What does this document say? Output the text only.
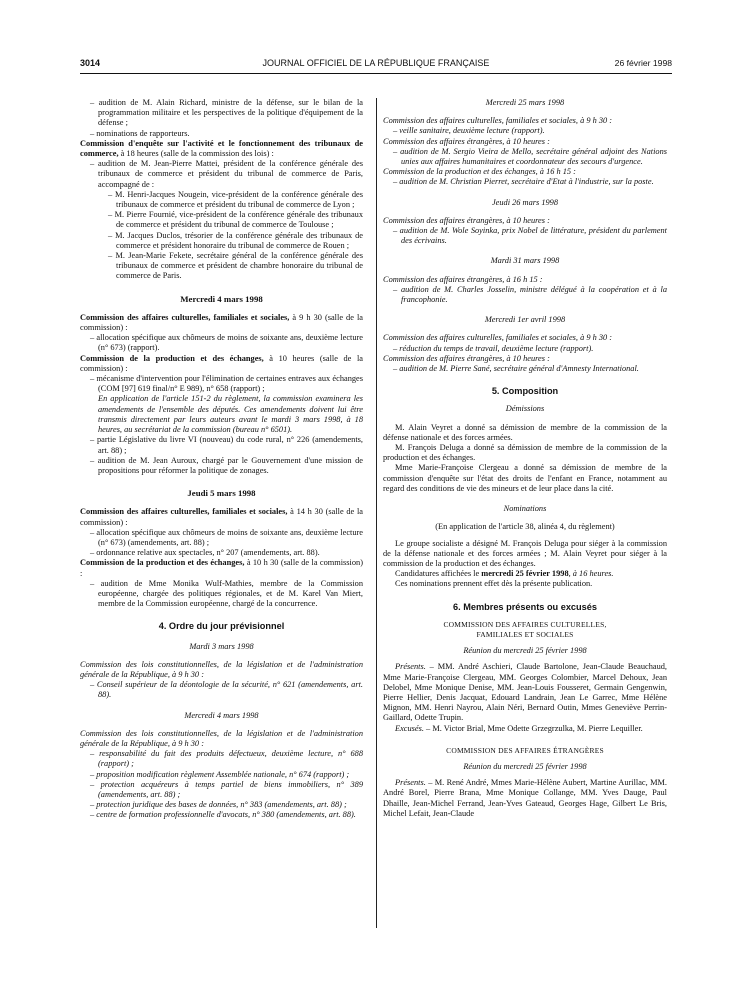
3014	JOURNAL OFFICIEL DE LA RÉPUBLIQUE FRANÇAISE	26 février 1998

– audition de M. Alain Richard, ministre de la défense, sur le bilan de la programmation militaire et les perspectives de la politique d'équipement de la défense ;

– nominations de rapporteurs.

Commission d'enquête sur l'activité et le fonctionnement des tribunaux de commerce, à 18 heures (salle de la commission des lois) :

– audition de M. Jean-Pierre Mattei, président de la conférence générale des tribunaux de commerce et président du tribunal de commerce de Paris, accompagné de :

– M. Henri-Jacques Nougein, vice-président de la conférence générale des tribunaux de commerce et président du tribunal de commerce de Lyon ;

– M. Pierre Fournié, vice-président de la conférence générale des tribunaux de commerce et président du tribunal de commerce de Toulouse ;

– M. Jacques Duclos, trésorier de la conférence générale des tribunaux de commerce et président honoraire du tribunal de commerce de Rouen ;

– M. Jean-Marie Fekete, secrétaire général de la conférence générale des tribunaux de commerce et président de chambre honoraire du tribunal de commerce de Paris.

Mercredi 4 mars 1998

Commission des affaires culturelles, familiales et sociales, à 9 h 30 (salle de la commission) :

– allocation spécifique aux chômeurs de moins de soixante ans, deuxième lecture (n° 673) (rapport).

Commission de la production et des échanges, à 10 heures (salle de la commission) :

– mécanisme d'intervention pour l'élimination de certaines entraves aux échanges (COM [97] 619 final/n° E 989), n° 658 (rapport) ;

En application de l'article 151-2 du règlement, la commission examinera les amendements de l'ensemble des députés. Ces amendements doivent lui être transmis directement par leurs auteurs avant le mardi 3 mars 1998, à 18 heures, au secrétariat de la commission (bureau n° 6501).

– partie Législative du livre VI (nouveau) du code rural, n° 226 (amendements, art. 88) ;

– audition de M. Jean Auroux, chargé par le Gouvernement d'une mission de propositions pour réformer la politique de zonages.

Jeudi 5 mars 1998

Commission des affaires culturelles, familiales et sociales, à 14 h 30 (salle de la commission) :

– allocation spécifique aux chômeurs de moins de soixante ans, deuxième lecture (n° 673) (amendements, art. 88) ;

– ordonnance relative aux spectacles, n° 207 (amendements, art. 88).

Commission de la production et des échanges, à 10 h 30 (salle de la commission) :

– audition de Mme Monika Wulf-Mathies, membre de la Commission européenne, chargée des politiques régionales, et de M. Karel Van Miert, membre de la Commission européenne, chargé de la concurrence.

4. Ordre du jour prévisionnel
Mardi 3 mars 1998

Commission des lois constitutionnelles, de la législation et de l'administration générale de la République, à 9 h 30 :

– Conseil supérieur de la déontologie de la sécurité, n° 621 (amendements, art. 88).

Mercredi 4 mars 1998

Commission des lois constitutionnelles, de la législation et de l'administration générale de la République, à 9 h 30 :

– responsabilité du fait des produits défectueux, deuxième lecture, n° 688 (rapport) ;

– proposition modification règlement Assemblée nationale, n° 674 (rapport) ;

– protection acquéreurs à temps partiel de biens immobiliers, n° 389 (amendements, art. 88) ;

– protection juridique des bases de données, n° 383 (amendements, art. 88) ;

– centre de formation professionnelle d'avocats, n° 380 (amendements, art. 88).

Mercredi 25 mars 1998

Commission des affaires culturelles, familiales et sociales, à 9 h 30 :

– veille sanitaire, deuxième lecture (rapport).

Commission des affaires étrangères, à 10 heures :

– audition de M. Sergio Vieira de Mello, secrétaire général adjoint des Nations unies aux affaires humanitaires et coordonnateur des secours d'urgence.

Commission de la production et des échanges, à 16 h 15 :

– audition de M. Christian Pierret, secrétaire d'Etat à l'industrie, sur la poste.

Jeudi 26 mars 1998

Commission des affaires étrangères, à 10 heures :

– audition de M. Wole Soyinka, prix Nobel de littérature, président du parlement des écrivains.

Mardi 31 mars 1998

Commission des affaires étrangères, à 16 h 15 :

– audition de M. Charles Josselin, ministre délégué à la coopération et à la francophonie.

Mercredi 1er avril 1998

Commission des affaires culturelles, familiales et sociales, à 9 h 30 :

– réduction du temps de travail, deuxième lecture (rapport).

Commission des affaires étrangères, à 10 heures :

– audition de M. Pierre Sané, secrétaire général d'Amnesty International.

5. Composition
Démissions

M. Alain Veyret a donné sa démission de membre de la commission de la défense nationale et des forces armées.

M. François Deluga a donné sa démission de membre de la commission de la production et des échanges.

Mme Marie-Françoise Clergeau a donné sa démission de membre de la commission d'enquête sur l'état des droits de l'enfant en France, notamment au regard des conditions de vie des mineurs et de leur place dans la cité.

Nominations

(En application de l'article 38, alinéa 4, du règlement)

Le groupe socialiste a désigné M. François Deluga pour siéger à la commission de la défense nationale et des forces armées ; M. Alain Veyret pour siéger à la commission de la production et des échanges.

Candidatures affichées le mercredi 25 février 1998, à 16 heures.

Ces nominations prennent effet dès la présente publication.

6. Membres présents ou excusés
COMMISSION DES AFFAIRES CULTURELLES,
FAMILIALES ET SOCIALES
Réunion du mercredi 25 février 1998

Présents. – MM. André Aschieri, Claude Bartolone, Jean-Claude Beauchaud, Mme Marie-Françoise Clergeau, MM. Georges Colombier, Marcel Dehoux, Jean Delobel, Mme Monique Denise, MM. Jean-Louis Fousseret, Germain Gengenwin, Pierre Hellier, Denis Jacquat, Edouard Landrain, Jean Le Garrec, Mme Hélène Mignon, MM. Henri Nayrou, Alain Néri, Bernard Outin, Mmes Geneviève Perrin-Gaillard, Odette Trupin.

Excusés. – M. Victor Brial, Mme Odette Grzegrzulka, M. Pierre Lequiller.

COMMISSION DES AFFAIRES ÉTRANGÈRES
Réunion du mercredi 25 février 1998

Présents. – M. René André, Mmes Marie-Hélène Aubert, Martine Aurillac, MM. André Borel, Pierre Brana, Mme Monique Collange, MM. Yves Dauge, Paul Dhaille, Jean-Michel Ferrand, Jean-Yves Gateaud, Georges Hage, Gilbert Le Bris, Michel Lefait, Jean-Claude
